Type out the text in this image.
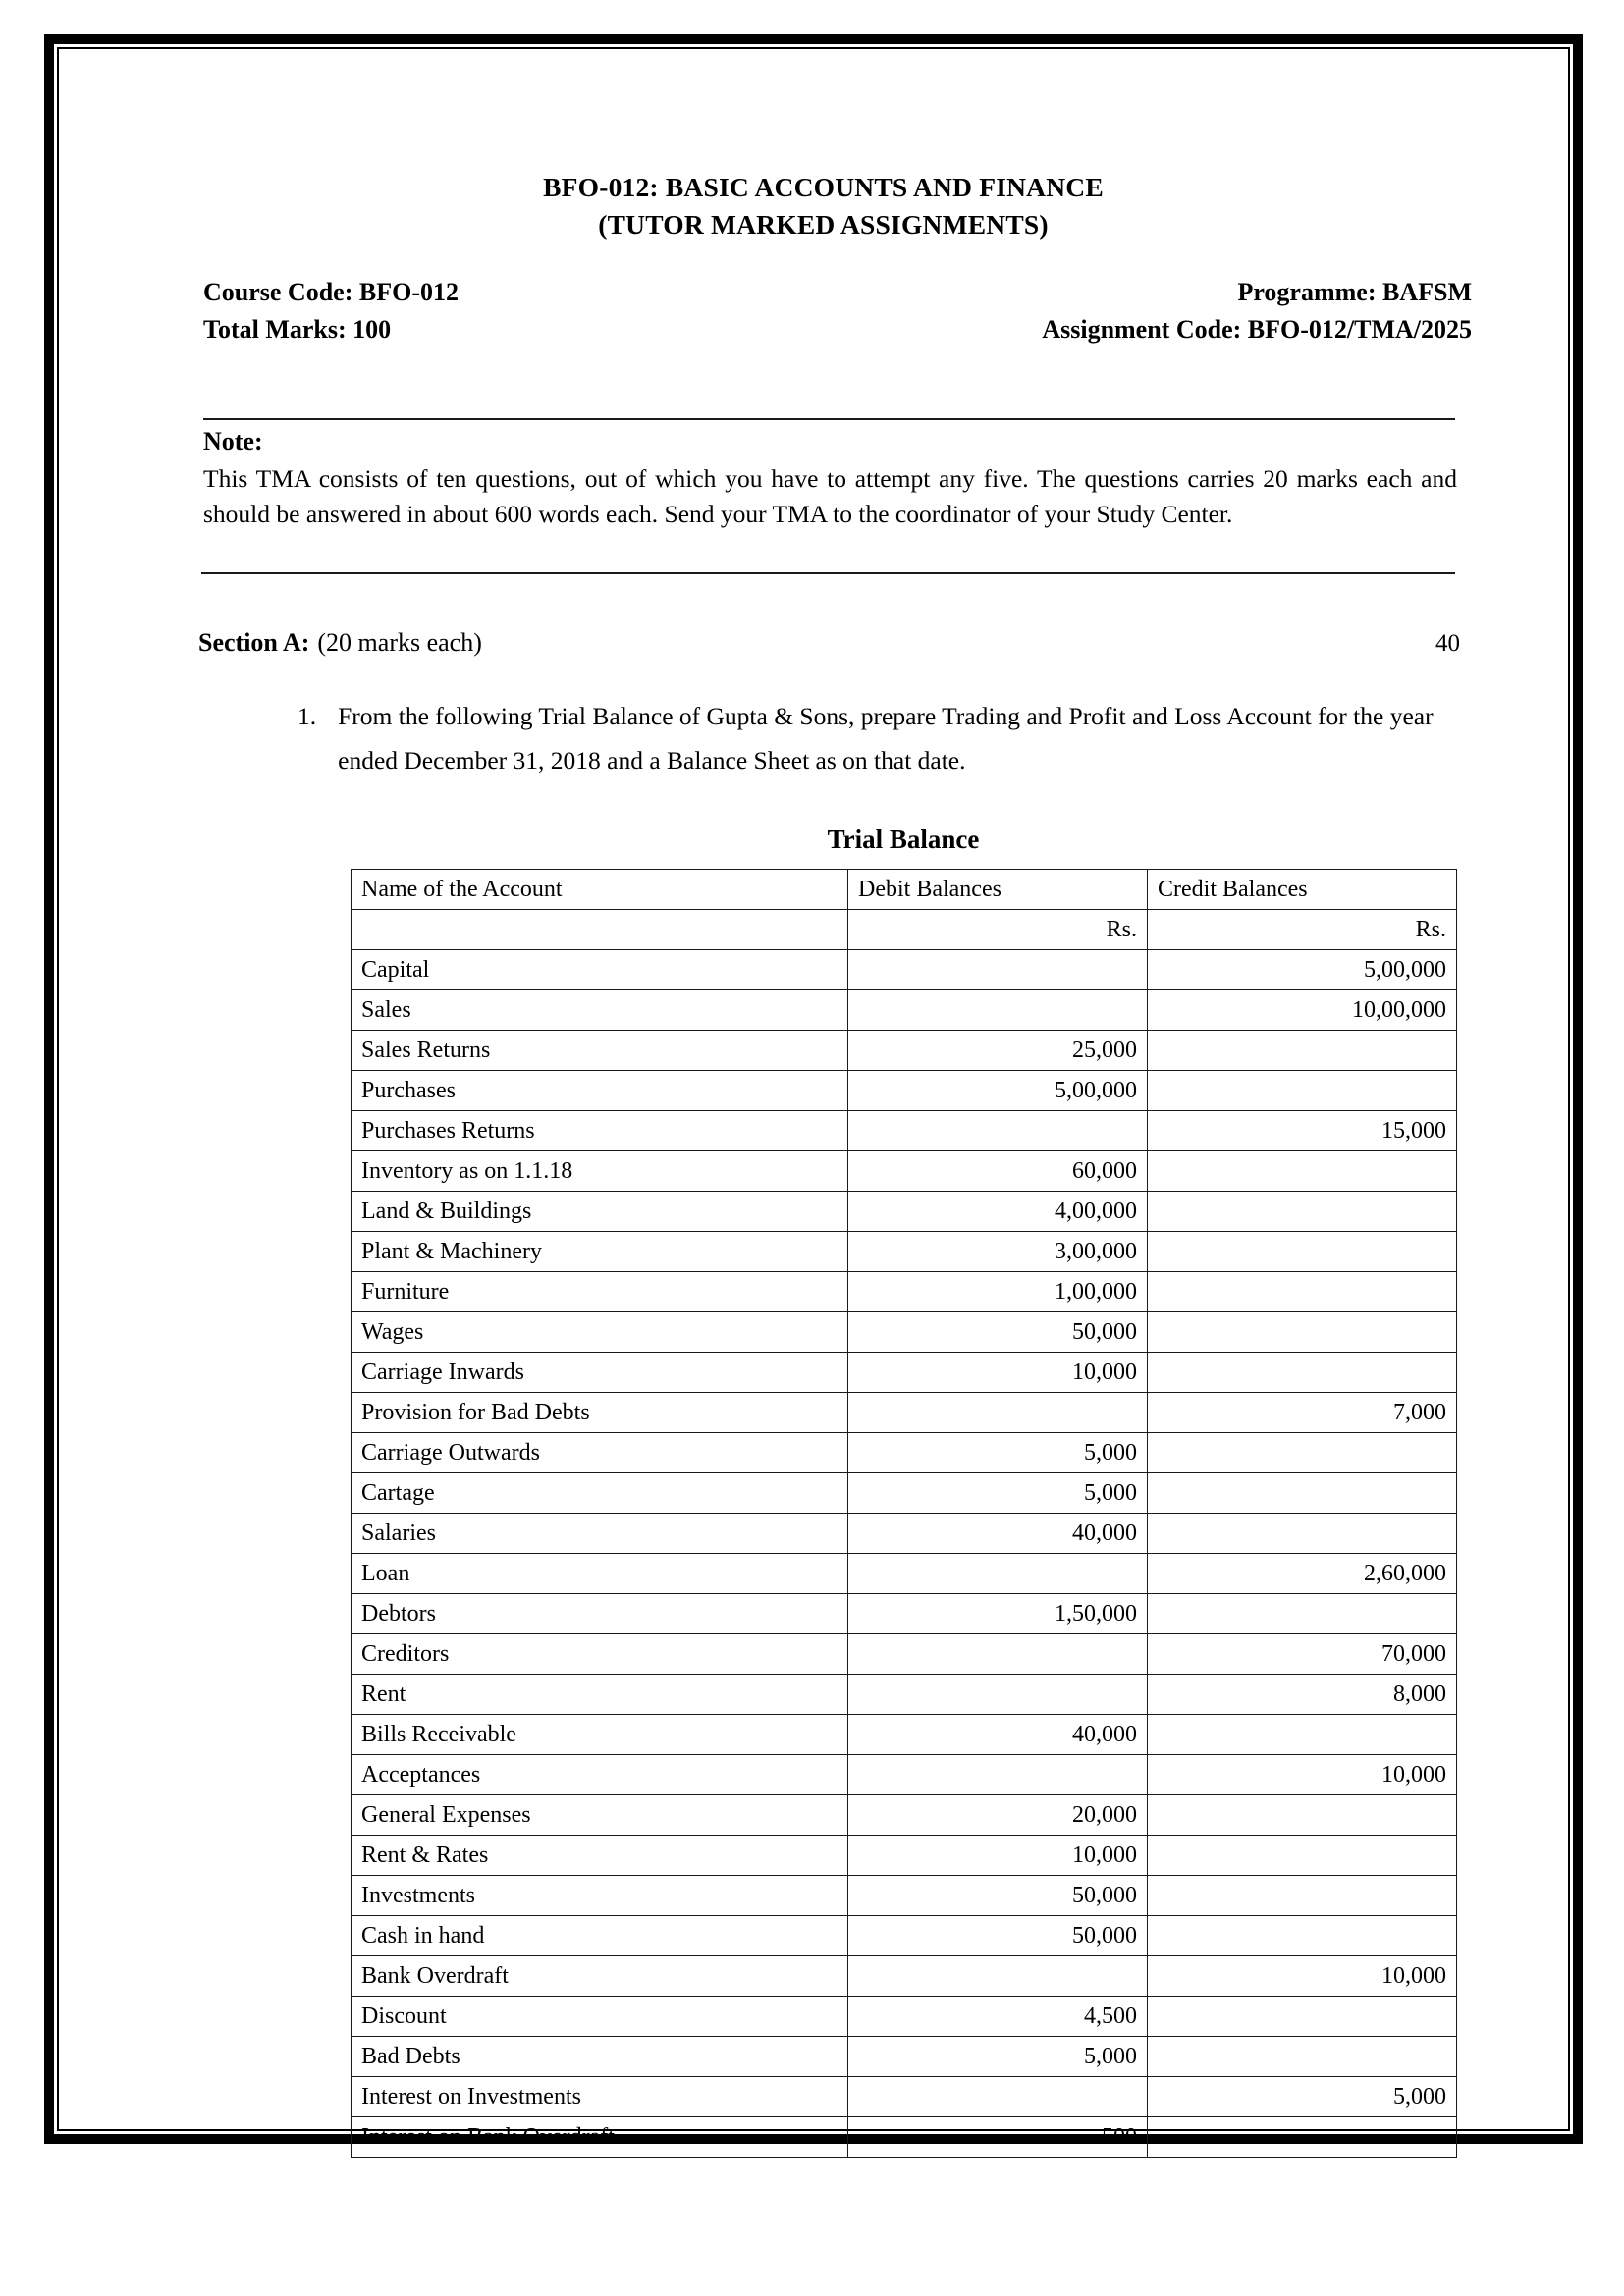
BFO-012: BASIC ACCOUNTS AND FINANCE
(TUTOR MARKED ASSIGNMENTS)
Course Code: BFO-012	Programme: BAFSM
Total Marks: 100	Assignment Code: BFO-012/TMA/2025
Note:
This TMA consists of ten questions, out of which you have to attempt any five. The questions carries 20 marks each and should be answered in about 600 words each. Send your TMA to the coordinator of your Study Center.
Section A: (20 marks each)	40
1. From the following Trial Balance of Gupta & Sons, prepare Trading and Profit and Loss Account for the year ended December 31, 2018 and a Balance Sheet as on that date.
Trial Balance
Name of the Account	Debit Balances	Credit Balances
	Rs.	Rs.
Capital		5,00,000
Sales		10,00,000
Sales Returns	25,000	
Purchases	5,00,000	
Purchases Returns		15,000
Inventory as on 1.1.18	60,000	
Land & Buildings	4,00,000	
Plant & Machinery	3,00,000	
Furniture	1,00,000	
Wages	50,000	
Carriage Inwards	10,000	
Provision for Bad Debts		7,000
Carriage Outwards	5,000	
Cartage	5,000	
Salaries	40,000	
Loan		2,60,000
Debtors	1,50,000	
Creditors		70,000
Rent		8,000
Bills Receivable	40,000	
Acceptances		10,000
General Expenses	20,000	
Rent & Rates	10,000	
Investments	50,000	
Cash in hand	50,000	
Bank Overdraft		10,000
Discount	4,500	
Bad Debts	5,000	
Interest on Investments		5,000
Interest on Bank Overdraft	500	
